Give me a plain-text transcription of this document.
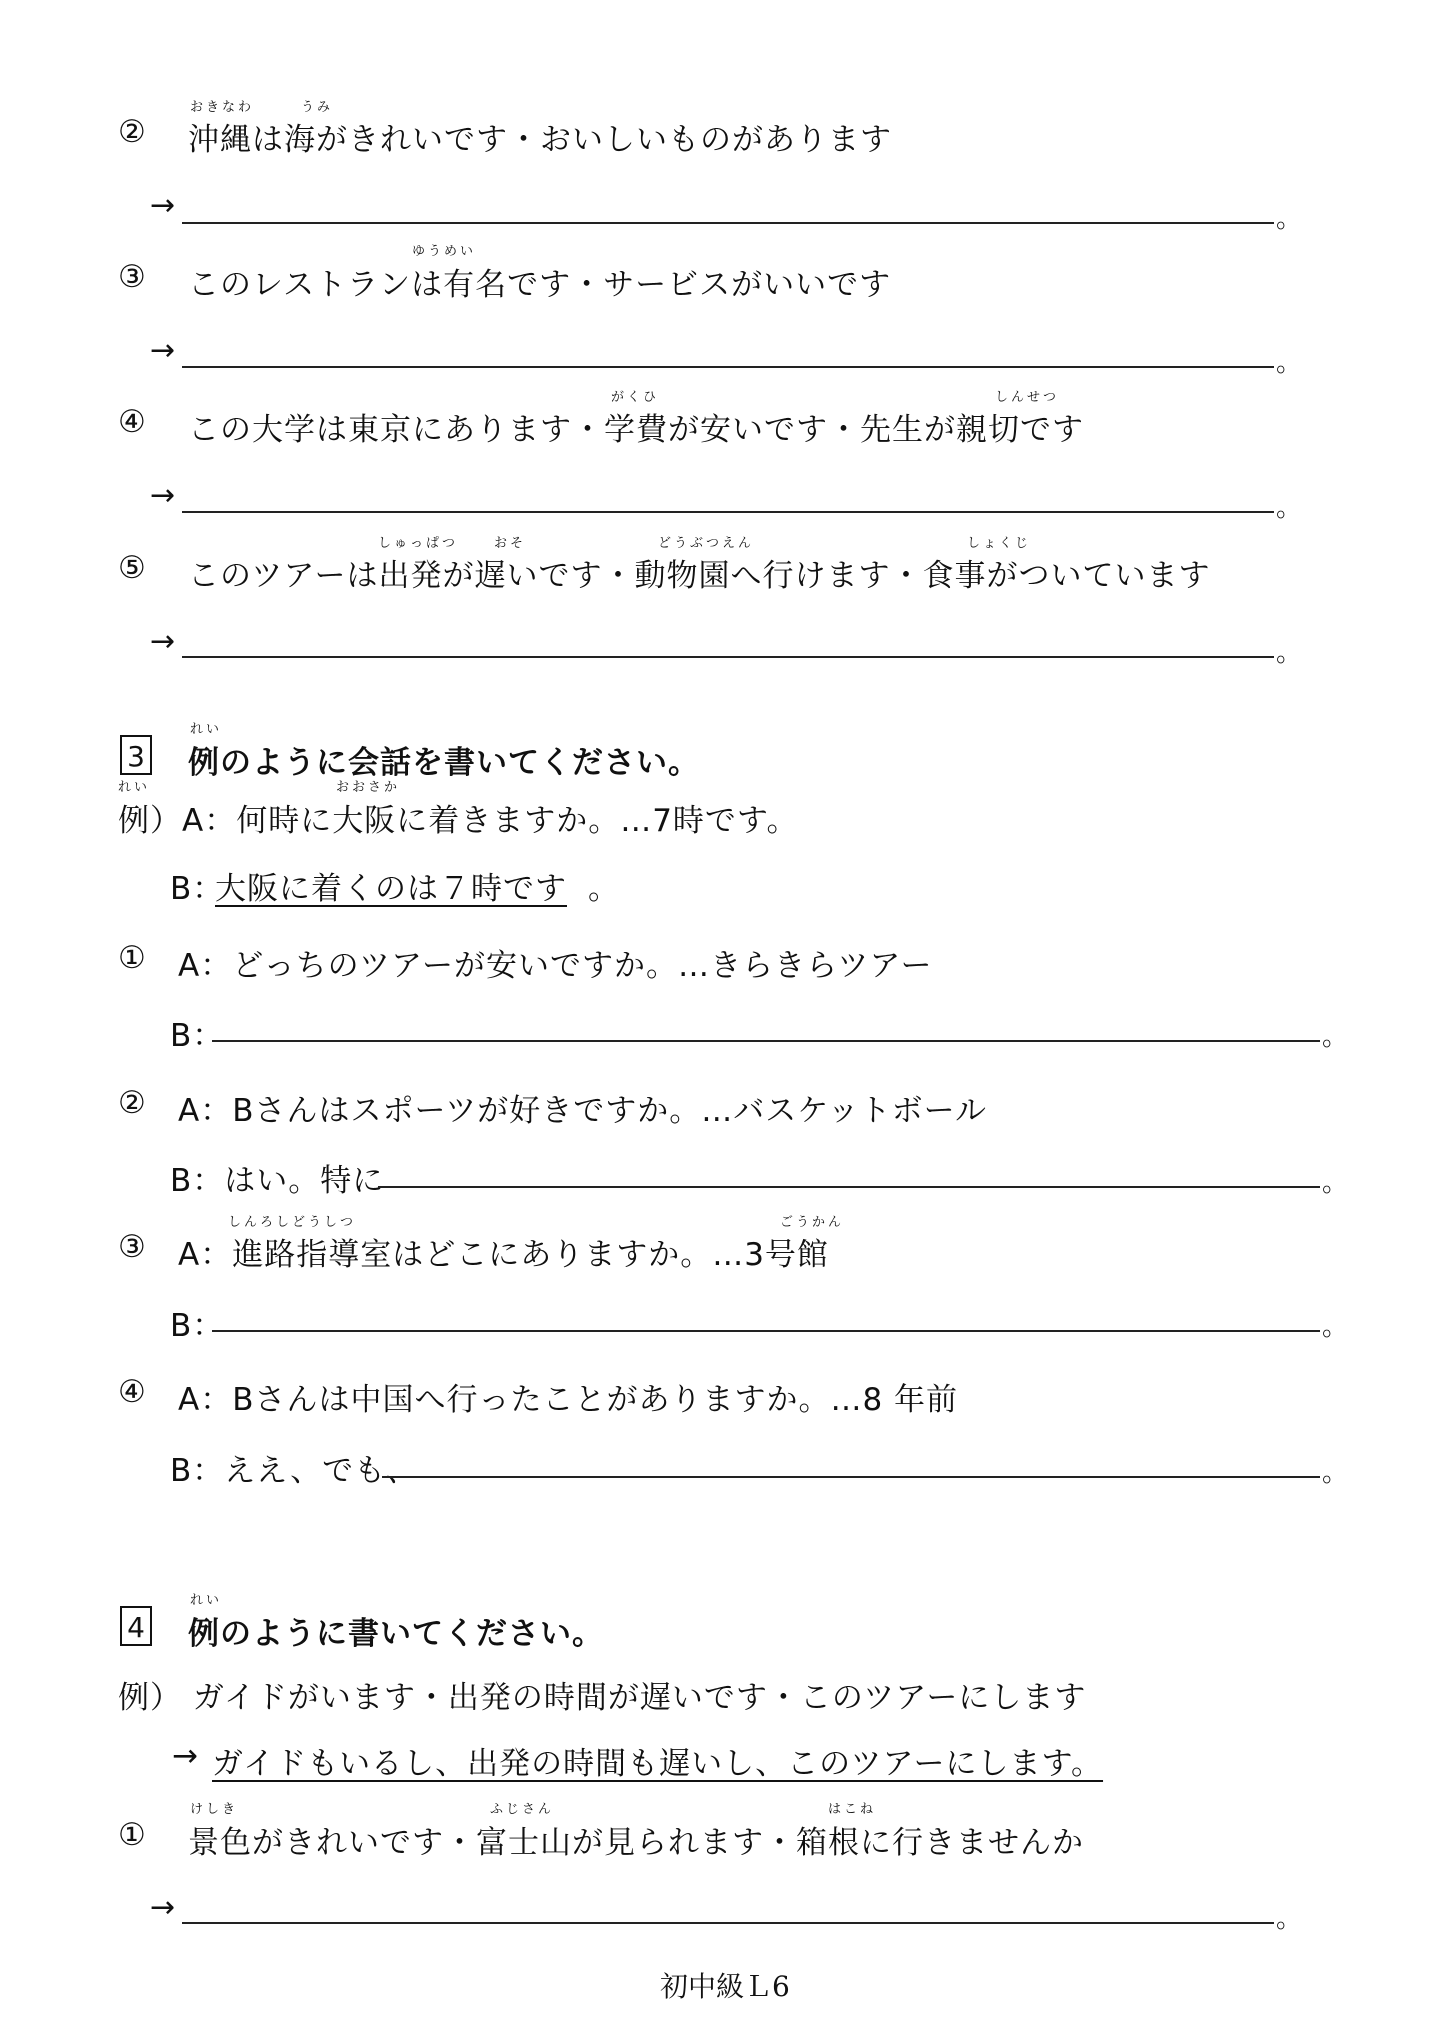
おきなわ	うみ
② 沖縄は海がきれいです・おいしいものがあります
→	。
ゆうめい
③ このレストランは有名です・サービスがいいです
→	。
がくひ	しんせつ
④ この大学は東京にあります・学費が安いです・先生が親切です
→	。
しゅっぱつ	おそ	どうぶつえん	しょくじ
⑤ このツアーは出発が遅いです・動物園へ行けます・食事がついています
→	。
3
れい
例のように会話を書いてください。
れい	おおさか
例）A：何時に大阪に着きますか。…7時です。
B：
大阪に着くのは７時です 。
① A：どっちのツアーが安いですか。…きらきらツアー
B：	。
② A：Bさんはスポーツが好きですか。…バスケットボール
B：はい。特に	。
しんろしどうしつ	ごうかん
③ A：進路指導室はどこにありますか。…3号館
B：	。
④ A：Bさんは中国へ行ったことがありますか。…8 年前
B：ええ、でも、	。
4
れい
例のように書いてください。
例） ガイドがいます・出発の時間が遅いです・このツアーにします
→ ガイドもいるし、出発の時間も遅いし、このツアーにします。
けしき	ふじさん	はこね
① 景色がきれいです・富士山が見られます・箱根に行きませんか
→	。
初中級Ｌ6
